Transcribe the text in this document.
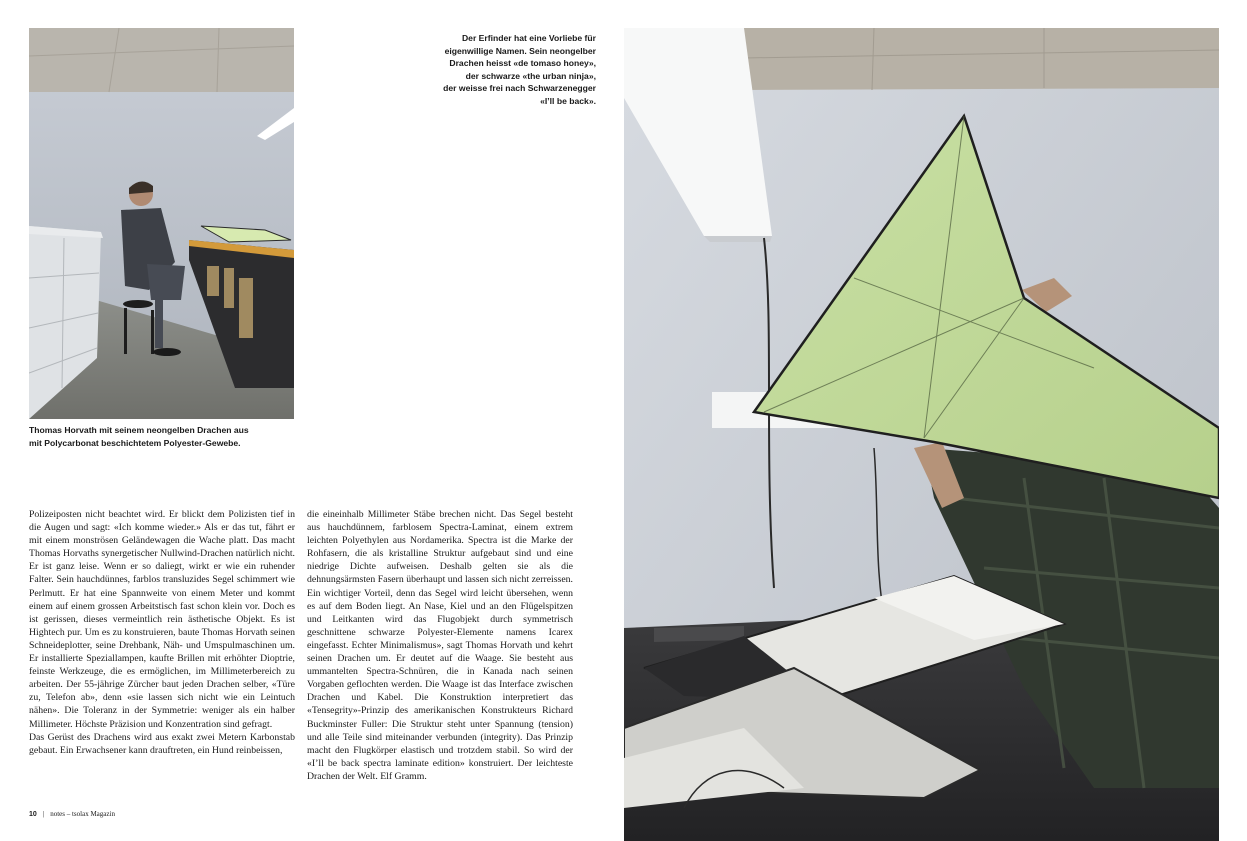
Thomas Horvath mit seinem neongelben Drachen aus
mit Polycarbonat beschichtetem Polyester-Gewebe.

Der Erfinder hat eine Vorliebe für
eigenwillige Namen. Sein neongelber
Drachen heisst «de tomaso honey»,
der schwarze «the urban ninja»,
der weisse frei nach Schwarzenegger
«I’ll be back».

Polizeiposten nicht beachtet wird. Er blickt dem Polizisten tief in die Augen und sagt: «Ich komme wieder.» Als er das tut, fährt er mit einem monströsen Geländewagen die Wache platt. Das macht Thomas Horvaths synergetischer Nullwind-Drachen natürlich nicht. Er ist ganz leise. Wenn er so daliegt, wirkt er wie ein ruhender Falter. Sein hauchdünnes, farblos transluzides Segel schimmert wie Perlmutt. Er hat eine Spannweite von einem Meter und kommt einem auf einem grossen Arbeitstisch fast schon klein vor. Doch es ist gerissen, dieses vermeintlich rein ästhetische Objekt. Es ist Hightech pur. Um es zu konstruieren, baute Thomas Horvath seinen Schneideplotter, seine Drehbank, Näh- und Umspulmaschinen um. Er installierte Speziallampen, kaufte Brillen mit erhöhter Dioptrie, feinste Werkzeuge, die es ermöglichen, im Millimeterbereich zu arbeiten. Der 55-jährige Zürcher baut jeden Drachen selber, «Türe zu, Telefon ab», denn «sie lassen sich nicht wie ein Leintuch nähen». Die Toleranz in der Symmetrie: weniger als ein halber Millimeter. Höchste Präzision und Konzentration sind gefragt.

Das Gerüst des Drachens wird aus exakt zwei Metern Karbonstab gebaut. Ein Erwachsener kann drauftreten, ein Hund reinbeissen,

die eineinhalb Millimeter Stäbe brechen nicht. Das Segel besteht aus hauchdünnem, farblosem Spectra-Laminat, einem extrem leichten Polyethylen aus Nordamerika. Spectra ist die Marke der Rohfasern, die als kristalline Struktur aufgebaut sind und eine niedrige Dichte aufweisen. Deshalb gelten sie als die dehnungsärmsten Fasern überhaupt und lassen sich nicht zerreissen. Ein wichtiger Vorteil, denn das Segel wird leicht übersehen, wenn es auf dem Boden liegt. An Nase, Kiel und an den Flügelspitzen und Leitkanten wird das Flugobjekt durch symmetrisch geschnittene schwarze Polyester-Elemente namens Icarex eingefasst. Echter Minimalismus», sagt Thomas Horvath und kehrt seinen Drachen um. Er deutet auf die Waage. Sie besteht aus ummantelten Spectra-Schnüren, die in Kanada nach seinen Vorgaben geflochten werden. Die Waage ist das Interface zwischen Drachen und Kabel. Die Konstruktion interpretiert das «Tensegrity»-Prinzip des amerikanischen Konstrukteurs Richard Buckminster Fuller: Die Struktur steht unter Spannung (tension) und alle Teile sind miteinander verbunden (integrity). Das Prinzip macht den Flugkörper elastisch und trotzdem stabil. So wird der «I’ll be back spectra laminate edition» konstruiert. Der leichteste Drachen der Welt. Elf Gramm.

10 | notes – tsolax Magazin
